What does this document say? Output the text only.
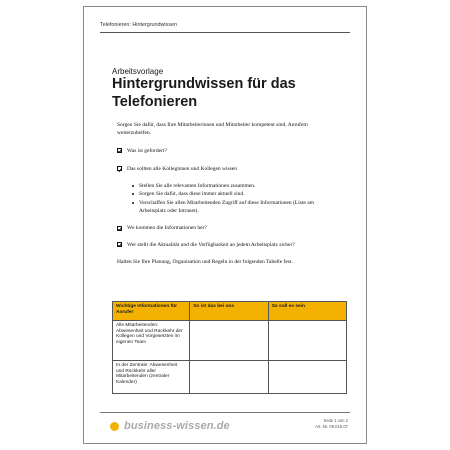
Telefonieren: Hintergrundwissen
Arbeitsvorlage
Hintergrundwissen für das Telefonieren

Sorgen Sie dafür, dass Ihre Mitarbeiterinnen und Mitarbeiter kompetent sind, Anrufern weiterzuhelfen.

Was ist gefordert?
Das sollten alle Kolleginnen und Kollegen wissen
Stellen Sie alle relevanten Informationen zusammen.
Sorgen Sie dafür, dass diese immer aktuell sind.
Verschaffen Sie allen Mitarbeitenden Zugriff auf diese Informationen (Liste am Arbeitsplatz oder Intranet).
Wo kommen die Informationen her?
Wer stellt die Aktualität und die Verfügbarkeit an jedem Arbeitsplatz sicher?

Halten Sie Ihre Planung, Organisation und Regeln in der folgenden Tabelle fest.

Wichtige Informationen für Anrufer	So ist das bei uns	So soll es sein
Alle Mitarbeitenden: Abwesenheit und Rückkehr der Kollegen und Vorgesetzten im eigenen Team		
In der Zentrale: Abwesenheit und Rückkehr aller Mitarbeitenden (zentraler Kalender)		
business-wissen.de	Seite 1 von 2
Art.-Nr. 06.018.07
